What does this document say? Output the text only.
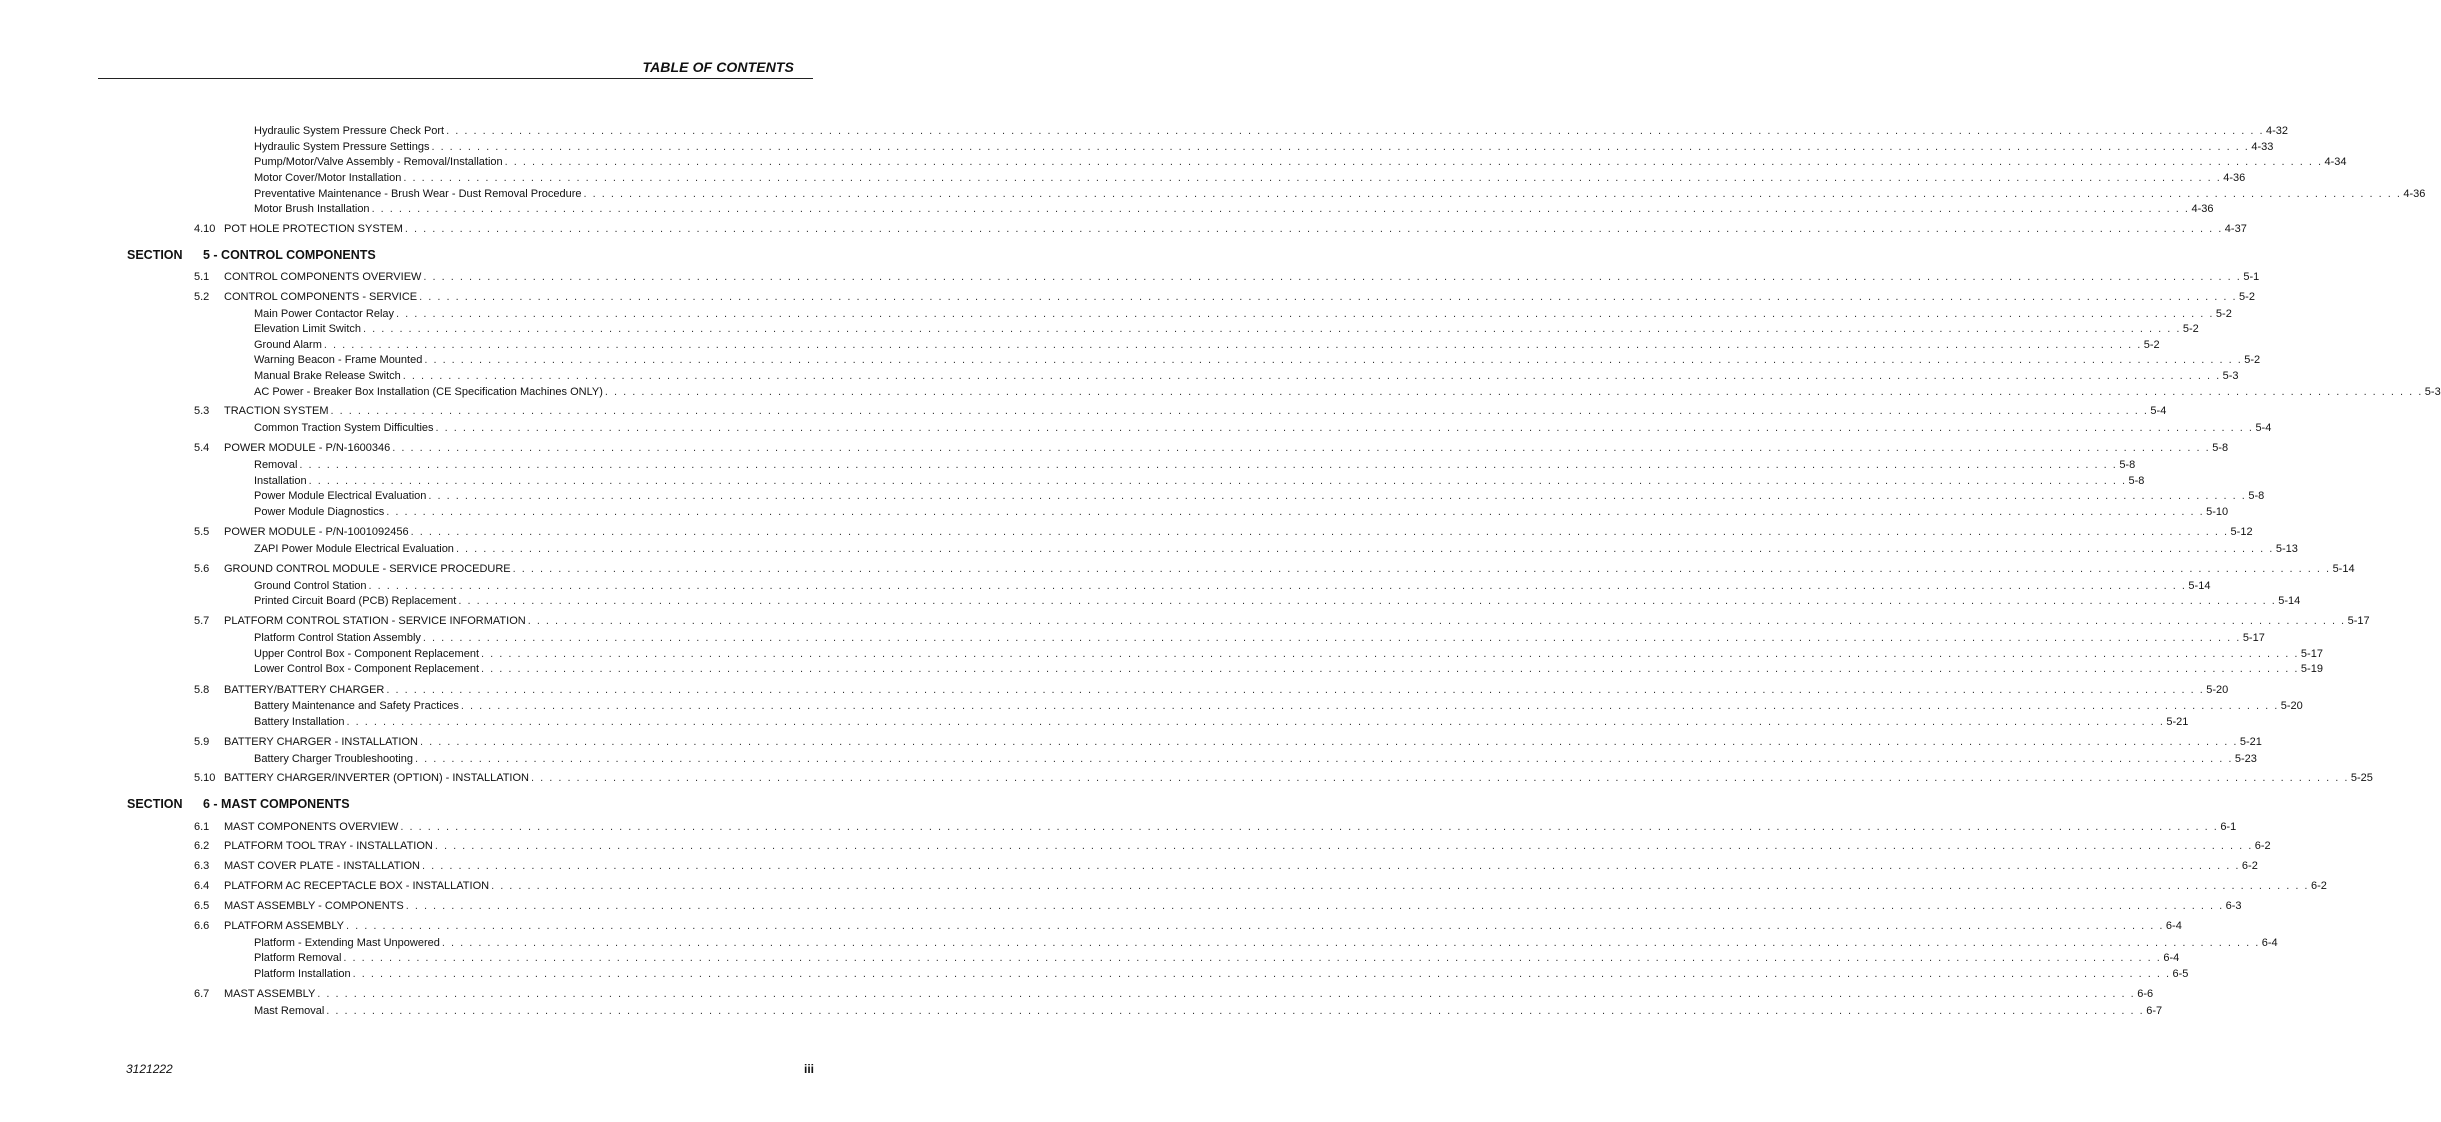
TABLE OF CONTENTS
Hydraulic System Pressure Check Port . . . . . . . . . . . . . . . . . . . . . . . . . . . . . . . . . . . . . . . . . . . . . . . . . . . . . . . . . . . . . . . . . . . . . . . . . . . . . . . . . . . . . . . . . . . . . . . . . . . . . . . . . . . . . . . . . . . . . . . . . . . . . . . . . . . . . . . . . . . . . . . . . . . . . . . . . . . . . . . . . . . . . . . . . . . . . . . . . . . . . . . . . . . . . . . . . . . . . . . . 4-32
Hydraulic System Pressure Settings . . . . . . . . . . . . . . . . . . . . . . . . . . . . . . . . . . . . . . . . . . . . . . . . . . . . . . . . . . . . . . . . . . . . . . . . . . . . . . . . . . . . . . . . . . . . . . . . . . . . . . . . . . . . . . . . . . . . . . . . . . . . . . . . . . . . . . . . . . . . . . . . . . . . . . . . . . . . . . . . . . . . . . . . . . . . . . . . . . . . . . . . . . . . . . . . . . . . . . . . 4-33
Pump/Motor/Valve Assembly - Removal/Installation . . . . . . . . . . . . . . . . . . . . . . . . . . . . . . . . . . . . . . . . . . . . . . . . . . . . . . . . . . . . . . . . . . . . . . . . . . . . . . . . . . . . . . . . . . . . . . . . . . . . . . . . . . . . . . . . . . . . . . . . . . . . . . . . . . . . . . . . . . . . . . . . . . . . . . . . . . . . . . . . . . . . . . . . . . . . . . . . . . . . . . . . . . . . . . . . . . . . . . . . 4-34
Motor Cover/Motor Installation . . . . . . . . . . . . . . . . . . . . . . . . . . . . . . . . . . . . . . . . . . . . . . . . . . . . . . . . . . . . . . . . . . . . . . . . . . . . . . . . . . . . . . . . . . . . . . . . . . . . . . . . . . . . . . . . . . . . . . . . . . . . . . . . . . . . . . . . . . . . . . . . . . . . . . . . . . . . . . . . . . . . . . . . . . . . . . . . . . . . . . . . . . . . . . . . . . . . . . . . 4-36
Preventative Maintenance - Brush Wear - Dust Removal Procedure . . . . . . . . . . . . . . . . . . . . . . . . . . . . . . . . . . . . . . . . . . . . . . . . . . . . . . . . . . . . . . . . . . . . . . . . . . . . . . . . . . . . . . . . . . . . . . . . . . . . . . . . . . . . . . . . . . . . . . . . . . . . . . . . . . . . . . . . . . . . . . . . . . . . . . . . . . . . . . . . . . . . . . . . . . . . . . . . . . . . . . . . . . . . . . . . . . . . . . . . 4-36
Motor Brush Installation . . . . . . . . . . . . . . . . . . . . . . . . . . . . . . . . . . . . . . . . . . . . . . . . . . . . . . . . . . . . . . . . . . . . . . . . . . . . . . . . . . . . . . . . . . . . . . . . . . . . . . . . . . . . . . . . . . . . . . . . . . . . . . . . . . . . . . . . . . . . . . . . . . . . . . . . . . . . . . . . . . . . . . . . . . . . . . . . . . . . . . . . . . . . . . . . . . . . . . . . 4-36
4.10 POT HOLE PROTECTION SYSTEM . . . . . . . . . . . . . . . . . . . . . . . . . . . . . . . . . . . . . . . . . . . . . . . . . . . . . . . . . . . . . . . . . . . . . . . . . . . . . . . . . . . . . . . . . . . . . . . . . . . . . . . . . . . . . . . . . . . . . . . . . . . . . . . . . . . . . . . . . . . . . . . . . . . . . . . . . . . . . . . . . . . . . . . . . . . . . . . . . . . . . . . . . . . . . . . . . . . . . . . . 4-37
SECTION 5 - CONTROL COMPONENTS
5.1 CONTROL COMPONENTS OVERVIEW . . . . . . . . . . . . . . . . . . . . . . . . . . . . . . . . . . . . . . . . . . . . . . . . . . . . . . . . . . . . . . . . . . . . . . . . . . . . . . . . . . . . . . . . . . . . . . . . . . . . . . . . . . . . . . . . . . . . . . . . . . . . . . . . . . . . . . . . . . . . . . . . . . . . . . . . . . . . . . . . . . . . . . . . . . . . . . . . . . . . . . . . . . . . . . . . . . . . . . . . 5-1
5.2 CONTROL COMPONENTS - SERVICE . . . . . . . . . . . . . . . . . . . . . . . . . . . . . . . . . . . . . . . . . . . . . . . . . . . . . . . . . . . . . . . . . . . . . . . . . . . . . . . . . . . . . . . . . . . . . . . . . . . . . . . . . . . . . . . . . . . . . . . . . . . . . . . . . . . . . . . . . . . . . . . . . . . . . . . . . . . . . . . . . . . . . . . . . . . . . . . . . . . . . . . . . . . . . . . . . . . . . . . . 5-2
Main Power Contactor Relay . . . . . . . . . . . . . . . . . . . . . . . . . . . . . . . . . . . . . . . . . . . . . . . . . . . . . . . . . . . . . . . . . . . . . . . . . . . . . . . . . . . . . . . . . . . . . . . . . . . . . . . . . . . . . . . . . . . . . . . . . . . . . . . . . . . . . . . . . . . . . . . . . . . . . . . . . . . . . . . . . . . . . . . . . . . . . . . . . . . . . . . . . . . . . . . . . . . . . . . . 5-2
Elevation Limit Switch . . . . . . . . . . . . . . . . . . . . . . . . . . . . . . . . . . . . . . . . . . . . . . . . . . . . . . . . . . . . . . . . . . . . . . . . . . . . . . . . . . . . . . . . . . . . . . . . . . . . . . . . . . . . . . . . . . . . . . . . . . . . . . . . . . . . . . . . . . . . . . . . . . . . . . . . . . . . . . . . . . . . . . . . . . . . . . . . . . . . . . . . . . . . . . . . . . . . . . . . 5-2
Ground Alarm . . . . . . . . . . . . . . . . . . . . . . . . . . . . . . . . . . . . . . . . . . . . . . . . . . . . . . . . . . . . . . . . . . . . . . . . . . . . . . . . . . . . . . . . . . . . . . . . . . . . . . . . . . . . . . . . . . . . . . . . . . . . . . . . . . . . . . . . . . . . . . . . . . . . . . . . . . . . . . . . . . . . . . . . . . . . . . . . . . . . . . . . . . . . . . . . . . . . . . . . 5-2
Warning Beacon - Frame Mounted . . . . . . . . . . . . . . . . . . . . . . . . . . . . . . . . . . . . . . . . . . . . . . . . . . . . . . . . . . . . . . . . . . . . . . . . . . . . . . . . . . . . . . . . . . . . . . . . . . . . . . . . . . . . . . . . . . . . . . . . . . . . . . . . . . . . . . . . . . . . . . . . . . . . . . . . . . . . . . . . . . . . . . . . . . . . . . . . . . . . . . . . . . . . . . . . . . . . . . . . 5-2
Manual Brake Release Switch . . . . . . . . . . . . . . . . . . . . . . . . . . . . . . . . . . . . . . . . . . . . . . . . . . . . . . . . . . . . . . . . . . . . . . . . . . . . . . . . . . . . . . . . . . . . . . . . . . . . . . . . . . . . . . . . . . . . . . . . . . . . . . . . . . . . . . . . . . . . . . . . . . . . . . . . . . . . . . . . . . . . . . . . . . . . . . . . . . . . . . . . . . . . . . . . . . . . . . . . 5-3
AC Power - Breaker Box Installation (CE Specification Machines ONLY) . . . . . . . . . . . . . . . . . . . . . . . . . . . . . . . . . . . . . . . . . . . . . . . . . . . . . . . . . . . . . . . . . . . . . . . . . . . . . . . . . . . . . . . . . . . . . . . . . . . . . . . . . . . . . . . . . . . . . . . . . . . . . . . . . . . . . . . . . . . . . . . . . . . . . . . . . . . . . . . . . . . . . . . . . . . . . . . . . . . . . . . . . . . . . . . . . . . . . . . . 5-3
5.3 TRACTION SYSTEM . . . . . . . . . . . . . . . . . . . . . . . . . . . . . . . . . . . . . . . . . . . . . . . . . . . . . . . . . . . . . . . . . . . . . . . . . . . . . . . . . . . . . . . . . . . . . . . . . . . . . . . . . . . . . . . . . . . . . . . . . . . . . . . . . . . . . . . . . . . . . . . . . . . . . . . . . . . . . . . . . . . . . . . . . . . . . . . . . . . . . . . . . . . . . . . . . . . . . . . . 5-4
Common Traction System Difficulties . . . . . . . . . . . . . . . . . . . . . . . . . . . . . . . . . . . . . . . . . . . . . . . . . . . . . . . . . . . . . . . . . . . . . . . . . . . . . . . . . . . . . . . . . . . . . . . . . . . . . . . . . . . . . . . . . . . . . . . . . . . . . . . . . . . . . . . . . . . . . . . . . . . . . . . . . . . . . . . . . . . . . . . . . . . . . . . . . . . . . . . . . . . . . . . . . . . . . . . . 5-4
5.4 POWER MODULE - P/N-1600346 . . . . . . . . . . . . . . . . . . . . . . . . . . . . . . . . . . . . . . . . . . . . . . . . . . . . . . . . . . . . . . . . . . . . . . . . . . . . . . . . . . . . . . . . . . . . . . . . . . . . . . . . . . . . . . . . . . . . . . . . . . . . . . . . . . . . . . . . . . . . . . . . . . . . . . . . . . . . . . . . . . . . . . . . . . . . . . . . . . . . . . . . . . . . . . . . . . . . . . . . 5-8
Removal . . . . . . . . . . . . . . . . . . . . . . . . . . . . . . . . . . . . . . . . . . . . . . . . . . . . . . . . . . . . . . . . . . . . . . . . . . . . . . . . . . . . . . . . . . . . . . . . . . . . . . . . . . . . . . . . . . . . . . . . . . . . . . . . . . . . . . . . . . . . . . . . . . . . . . . . . . . . . . . . . . . . . . . . . . . . . . . . . . . . . . . . . . . . . . . . . . . . . . . . 5-8
Installation . . . . . . . . . . . . . . . . . . . . . . . . . . . . . . . . . . . . . . . . . . . . . . . . . . . . . . . . . . . . . . . . . . . . . . . . . . . . . . . . . . . . . . . . . . . . . . . . . . . . . . . . . . . . . . . . . . . . . . . . . . . . . . . . . . . . . . . . . . . . . . . . . . . . . . . . . . . . . . . . . . . . . . . . . . . . . . . . . . . . . . . . . . . . . . . . . . . . . . . . 5-8
Power Module Electrical Evaluation . . . . . . . . . . . . . . . . . . . . . . . . . . . . . . . . . . . . . . . . . . . . . . . . . . . . . . . . . . . . . . . . . . . . . . . . . . . . . . . . . . . . . . . . . . . . . . . . . . . . . . . . . . . . . . . . . . . . . . . . . . . . . . . . . . . . . . . . . . . . . . . . . . . . . . . . . . . . . . . . . . . . . . . . . . . . . . . . . . . . . . . . . . . . . . . . . . . . . . . . 5-8
Power Module Diagnostics . . . . . . . . . . . . . . . . . . . . . . . . . . . . . . . . . . . . . . . . . . . . . . . . . . . . . . . . . . . . . . . . . . . . . . . . . . . . . . . . . . . . . . . . . . . . . . . . . . . . . . . . . . . . . . . . . . . . . . . . . . . . . . . . . . . . . . . . . . . . . . . . . . . . . . . . . . . . . . . . . . . . . . . . . . . . . . . . . . . . . . . . . . . . . . . . . . . . . . . . 5-10
5.5 POWER MODULE - P/N-1001092456 . . . . . . . . . . . . . . . . . . . . . . . . . . . . . . . . . . . . . . . . . . . . . . . . . . . . . . . . . . . . . . . . . . . . . . . . . . . . . . . . . . . . . . . . . . . . . . . . . . . . . . . . . . . . . . . . . . . . . . . . . . . . . . . . . . . . . . . . . . . . . . . . . . . . . . . . . . . . . . . . . . . . . . . . . . . . . . . . . . . . . . . . . . . . . . . . . . . . . . . . 5-12
ZAPI Power Module Electrical Evaluation . . . . . . . . . . . . . . . . . . . . . . . . . . . . . . . . . . . . . . . . . . . . . . . . . . . . . . . . . . . . . . . . . . . . . . . . . . . . . . . . . . . . . . . . . . . . . . . . . . . . . . . . . . . . . . . . . . . . . . . . . . . . . . . . . . . . . . . . . . . . . . . . . . . . . . . . . . . . . . . . . . . . . . . . . . . . . . . . . . . . . . . . . . . . . . . . . . . . . . . . 5-13
5.6 GROUND CONTROL MODULE - SERVICE PROCEDURE . . . . . . . . . . . . . . . . . . . . . . . . . . . . . . . . . . . . . . . . . . . . . . . . . . . . . . . . . . . . . . . . . . . . . . . . . . . . . . . . . . . . . . . . . . . . . . . . . . . . . . . . . . . . . . . . . . . . . . . . . . . . . . . . . . . . . . . . . . . . . . . . . . . . . . . . . . . . . . . . . . . . . . . . . . . . . . . . . . . . . . . . . . . . . . . . . . . . . . . . 5-14
Ground Control Station . . . . . . . . . . . . . . . . . . . . . . . . . . . . . . . . . . . . . . . . . . . . . . . . . . . . . . . . . . . . . . . . . . . . . . . . . . . . . . . . . . . . . . . . . . . . . . . . . . . . . . . . . . . . . . . . . . . . . . . . . . . . . . . . . . . . . . . . . . . . . . . . . . . . . . . . . . . . . . . . . . . . . . . . . . . . . . . . . . . . . . . . . . . . . . . . . . . . . . . . 5-14
Printed Circuit Board (PCB) Replacement . . . . . . . . . . . . . . . . . . . . . . . . . . . . . . . . . . . . . . . . . . . . . . . . . . . . . . . . . . . . . . . . . . . . . . . . . . . . . . . . . . . . . . . . . . . . . . . . . . . . . . . . . . . . . . . . . . . . . . . . . . . . . . . . . . . . . . . . . . . . . . . . . . . . . . . . . . . . . . . . . . . . . . . . . . . . . . . . . . . . . . . . . . . . . . . . . . . . . . . . 5-14
5.7 PLATFORM CONTROL STATION - SERVICE INFORMATION . . . . . . . . . . . . . . . . . . . . . . . . . . . . . . . . . . . . . . . . . . . . . . . . . . . . . . . . . . . . . . . . . . . . . . . . . . . . . . . . . . . . . . . . . . . . . . . . . . . . . . . . . . . . . . . . . . . . . . . . . . . . . . . . . . . . . . . . . . . . . . . . . . . . . . . . . . . . . . . . . . . . . . . . . . . . . . . . . . . . . . . . . . . . . . . . . . . . . . . . 5-17
Platform Control Station Assembly . . . . . . . . . . . . . . . . . . . . . . . . . . . . . . . . . . . . . . . . . . . . . . . . . . . . . . . . . . . . . . . . . . . . . . . . . . . . . . . . . . . . . . . . . . . . . . . . . . . . . . . . . . . . . . . . . . . . . . . . . . . . . . . . . . . . . . . . . . . . . . . . . . . . . . . . . . . . . . . . . . . . . . . . . . . . . . . . . . . . . . . . . . . . . . . . . . . . . . . . 5-17
Upper Control Box - Component Replacement . . . . . . . . . . . . . . . . . . . . . . . . . . . . . . . . . . . . . . . . . . . . . . . . . . . . . . . . . . . . . . . . . . . . . . . . . . . . . . . . . . . . . . . . . . . . . . . . . . . . . . . . . . . . . . . . . . . . . . . . . . . . . . . . . . . . . . . . . . . . . . . . . . . . . . . . . . . . . . . . . . . . . . . . . . . . . . . . . . . . . . . . . . . . . . . . . . . . . . . . 5-17
Lower Control Box - Component Replacement . . . . . . . . . . . . . . . . . . . . . . . . . . . . . . . . . . . . . . . . . . . . . . . . . . . . . . . . . . . . . . . . . . . . . . . . . . . . . . . . . . . . . . . . . . . . . . . . . . . . . . . . . . . . . . . . . . . . . . . . . . . . . . . . . . . . . . . . . . . . . . . . . . . . . . . . . . . . . . . . . . . . . . . . . . . . . . . . . . . . . . . . . . . . . . . . . . . . . . . . 5-19
5.8 BATTERY/BATTERY CHARGER . . . . . . . . . . . . . . . . . . . . . . . . . . . . . . . . . . . . . . . . . . . . . . . . . . . . . . . . . . . . . . . . . . . . . . . . . . . . . . . . . . . . . . . . . . . . . . . . . . . . . . . . . . . . . . . . . . . . . . . . . . . . . . . . . . . . . . . . . . . . . . . . . . . . . . . . . . . . . . . . . . . . . . . . . . . . . . . . . . . . . . . . . . . . . . . . . . . . . . . . 5-20
Battery Maintenance and Safety Practices . . . . . . . . . . . . . . . . . . . . . . . . . . . . . . . . . . . . . . . . . . . . . . . . . . . . . . . . . . . . . . . . . . . . . . . . . . . . . . . . . . . . . . . . . . . . . . . . . . . . . . . . . . . . . . . . . . . . . . . . . . . . . . . . . . . . . . . . . . . . . . . . . . . . . . . . . . . . . . . . . . . . . . . . . . . . . . . . . . . . . . . . . . . . . . . . . . . . . . . . 5-20
Battery Installation . . . . . . . . . . . . . . . . . . . . . . . . . . . . . . . . . . . . . . . . . . . . . . . . . . . . . . . . . . . . . . . . . . . . . . . . . . . . . . . . . . . . . . . . . . . . . . . . . . . . . . . . . . . . . . . . . . . . . . . . . . . . . . . . . . . . . . . . . . . . . . . . . . . . . . . . . . . . . . . . . . . . . . . . . . . . . . . . . . . . . . . . . . . . . . . . . . . . . . . . 5-21
5.9 BATTERY CHARGER - INSTALLATION . . . . . . . . . . . . . . . . . . . . . . . . . . . . . . . . . . . . . . . . . . . . . . . . . . . . . . . . . . . . . . . . . . . . . . . . . . . . . . . . . . . . . . . . . . . . . . . . . . . . . . . . . . . . . . . . . . . . . . . . . . . . . . . . . . . . . . . . . . . . . . . . . . . . . . . . . . . . . . . . . . . . . . . . . . . . . . . . . . . . . . . . . . . . . . . . . . . . . . . . 5-21
Battery Charger Troubleshooting . . . . . . . . . . . . . . . . . . . . . . . . . . . . . . . . . . . . . . . . . . . . . . . . . . . . . . . . . . . . . . . . . . . . . . . . . . . . . . . . . . . . . . . . . . . . . . . . . . . . . . . . . . . . . . . . . . . . . . . . . . . . . . . . . . . . . . . . . . . . . . . . . . . . . . . . . . . . . . . . . . . . . . . . . . . . . . . . . . . . . . . . . . . . . . . . . . . . . . . . 5-23
5.10 BATTERY CHARGER/INVERTER (OPTION) - INSTALLATION . . . . . . . . . . . . . . . . . . . . . . . . . . . . . . . . . . . . . . . . . . . . . . . . . . . . . . . . . . . . . . . . . . . . . . . . . . . . . . . . . . . . . . . . . . . . . . . . . . . . . . . . . . . . . . . . . . . . . . . . . . . . . . . . . . . . . . . . . . . . . . . . . . . . . . . . . . . . . . . . . . . . . . . . . . . . . . . . . . . . . . . . . . . . . . . . . . . . . . . . 5-25
SECTION 6 - MAST COMPONENTS
6.1 MAST COMPONENTS OVERVIEW . . . . . . . . . . . . . . . . . . . . . . . . . . . . . . . . . . . . . . . . . . . . . . . . . . . . . . . . . . . . . . . . . . . . . . . . . . . . . . . . . . . . . . . . . . . . . . . . . . . . . . . . . . . . . . . . . . . . . . . . . . . . . . . . . . . . . . . . . . . . . . . . . . . . . . . . . . . . . . . . . . . . . . . . . . . . . . . . . . . . . . . . . . . . . . . . . . . . . . . . 6-1
6.2 PLATFORM TOOL TRAY - INSTALLATION . . . . . . . . . . . . . . . . . . . . . . . . . . . . . . . . . . . . . . . . . . . . . . . . . . . . . . . . . . . . . . . . . . . . . . . . . . . . . . . . . . . . . . . . . . . . . . . . . . . . . . . . . . . . . . . . . . . . . . . . . . . . . . . . . . . . . . . . . . . . . . . . . . . . . . . . . . . . . . . . . . . . . . . . . . . . . . . . . . . . . . . . . . . . . . . . . . . . . . . . 6-2
6.3 MAST COVER PLATE - INSTALLATION . . . . . . . . . . . . . . . . . . . . . . . . . . . . . . . . . . . . . . . . . . . . . . . . . . . . . . . . . . . . . . . . . . . . . . . . . . . . . . . . . . . . . . . . . . . . . . . . . . . . . . . . . . . . . . . . . . . . . . . . . . . . . . . . . . . . . . . . . . . . . . . . . . . . . . . . . . . . . . . . . . . . . . . . . . . . . . . . . . . . . . . . . . . . . . . . . . . . . . . . 6-2
6.4 PLATFORM AC RECEPTACLE BOX - INSTALLATION . . . . . . . . . . . . . . . . . . . . . . . . . . . . . . . . . . . . . . . . . . . . . . . . . . . . . . . . . . . . . . . . . . . . . . . . . . . . . . . . . . . . . . . . . . . . . . . . . . . . . . . . . . . . . . . . . . . . . . . . . . . . . . . . . . . . . . . . . . . . . . . . . . . . . . . . . . . . . . . . . . . . . . . . . . . . . . . . . . . . . . . . . . . . . . . . . . . . . . . . 6-2
6.5 MAST ASSEMBLY - COMPONENTS . . . . . . . . . . . . . . . . . . . . . . . . . . . . . . . . . . . . . . . . . . . . . . . . . . . . . . . . . . . . . . . . . . . . . . . . . . . . . . . . . . . . . . . . . . . . . . . . . . . . . . . . . . . . . . . . . . . . . . . . . . . . . . . . . . . . . . . . . . . . . . . . . . . . . . . . . . . . . . . . . . . . . . . . . . . . . . . . . . . . . . . . . . . . . . . . . . . . . . . . 6-3
6.6 PLATFORM ASSEMBLY . . . . . . . . . . . . . . . . . . . . . . . . . . . . . . . . . . . . . . . . . . . . . . . . . . . . . . . . . . . . . . . . . . . . . . . . . . . . . . . . . . . . . . . . . . . . . . . . . . . . . . . . . . . . . . . . . . . . . . . . . . . . . . . . . . . . . . . . . . . . . . . . . . . . . . . . . . . . . . . . . . . . . . . . . . . . . . . . . . . . . . . . . . . . . . . . . . . . . . . . 6-4
Platform - Extending Mast Unpowered . . . . . . . . . . . . . . . . . . . . . . . . . . . . . . . . . . . . . . . . . . . . . . . . . . . . . . . . . . . . . . . . . . . . . . . . . . . . . . . . . . . . . . . . . . . . . . . . . . . . . . . . . . . . . . . . . . . . . . . . . . . . . . . . . . . . . . . . . . . . . . . . . . . . . . . . . . . . . . . . . . . . . . . . . . . . . . . . . . . . . . . . . . . . . . . . . . . . . . . . 6-4
Platform Removal . . . . . . . . . . . . . . . . . . . . . . . . . . . . . . . . . . . . . . . . . . . . . . . . . . . . . . . . . . . . . . . . . . . . . . . . . . . . . . . . . . . . . . . . . . . . . . . . . . . . . . . . . . . . . . . . . . . . . . . . . . . . . . . . . . . . . . . . . . . . . . . . . . . . . . . . . . . . . . . . . . . . . . . . . . . . . . . . . . . . . . . . . . . . . . . . . . . . . . . . 6-4
Platform Installation . . . . . . . . . . . . . . . . . . . . . . . . . . . . . . . . . . . . . . . . . . . . . . . . . . . . . . . . . . . . . . . . . . . . . . . . . . . . . . . . . . . . . . . . . . . . . . . . . . . . . . . . . . . . . . . . . . . . . . . . . . . . . . . . . . . . . . . . . . . . . . . . . . . . . . . . . . . . . . . . . . . . . . . . . . . . . . . . . . . . . . . . . . . . . . . . . . . . . . . . 6-5
6.7 MAST ASSEMBLY . . . . . . . . . . . . . . . . . . . . . . . . . . . . . . . . . . . . . . . . . . . . . . . . . . . . . . . . . . . . . . . . . . . . . . . . . . . . . . . . . . . . . . . . . . . . . . . . . . . . . . . . . . . . . . . . . . . . . . . . . . . . . . . . . . . . . . . . . . . . . . . . . . . . . . . . . . . . . . . . . . . . . . . . . . . . . . . . . . . . . . . . . . . . . . . . . . . . . . . . 6-6
Mast Removal . . . . . . . . . . . . . . . . . . . . . . . . . . . . . . . . . . . . . . . . . . . . . . . . . . . . . . . . . . . . . . . . . . . . . . . . . . . . . . . . . . . . . . . . . . . . . . . . . . . . . . . . . . . . . . . . . . . . . . . . . . . . . . . . . . . . . . . . . . . . . . . . . . . . . . . . . . . . . . . . . . . . . . . . . . . . . . . . . . . . . . . . . . . . . . . . . . . . . . . . 6-7
3121222	iii
